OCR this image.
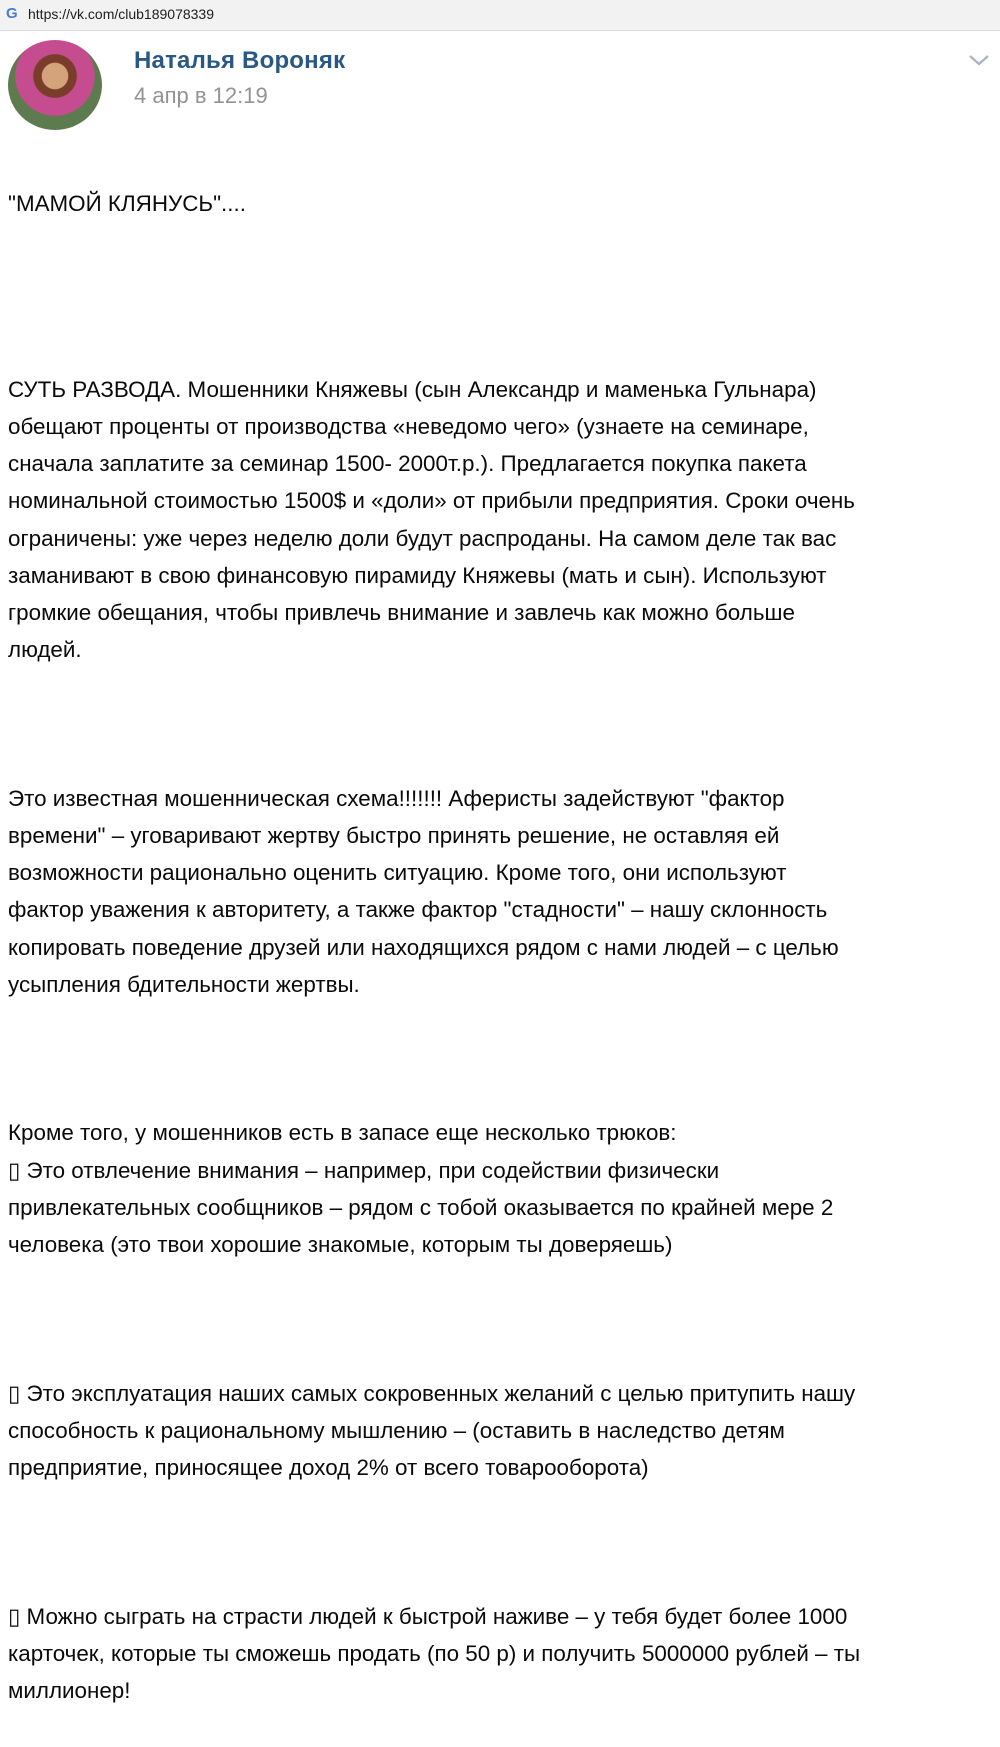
G https://vk.com/club189078339
Наталья Вороняк
4 апр в 12:19

"МАМОЙ КЛЯНУСЬ"....

СУТЬ РАЗВОДА. Мошенники Княжевы (сын Александр и маменька Гульнара)
обещают проценты от производства «неведомо чего» (узнаете на семинаре,
сначала заплатите за семинар 1500- 2000т.р.). Предлагается покупка пакета
номинальной стоимостью 1500$ и «доли» от прибыли предприятия. Сроки очень
ограничены: уже через неделю доли будут распроданы. На самом деле так вас
заманивают в свою финансовую пирамиду Княжевы (мать и сын). Используют
громкие обещания, чтобы привлечь внимание и завлечь как можно больше
людей.

Это известная мошенническая схема!!!!!!! Аферисты задействуют "фактор
времени" – уговаривают жертву быстро принять решение, не оставляя ей
возможности рационально оценить ситуацию. Кроме того, они используют
фактор уважения к авторитету, а также фактор "стадности" – нашу склонность
копировать поведение друзей или находящихся рядом с нами людей – с целью
усыпления бдительности жертвы.

Кроме того, у мошенников есть в запасе еще несколько трюков:
▯ Это отвлечение внимания – например, при содействии физически
привлекательных сообщников – рядом с тобой оказывается по крайней мере 2
человека (это твои хорошие знакомые, которым ты доверяешь)

▯ Это эксплуатация наших самых сокровенных желаний с целью притупить нашу
способность к рациональному мышлению – (оставить в наследство детям
предприятие, приносящее доход 2% от всего товарооборота)

▯ Можно сыграть на страсти людей к быстрой наживе – у тебя будет более 1000
карточек, которые ты сможешь продать (по 50 р) и получить 5000000 рублей – ты
миллионер!
